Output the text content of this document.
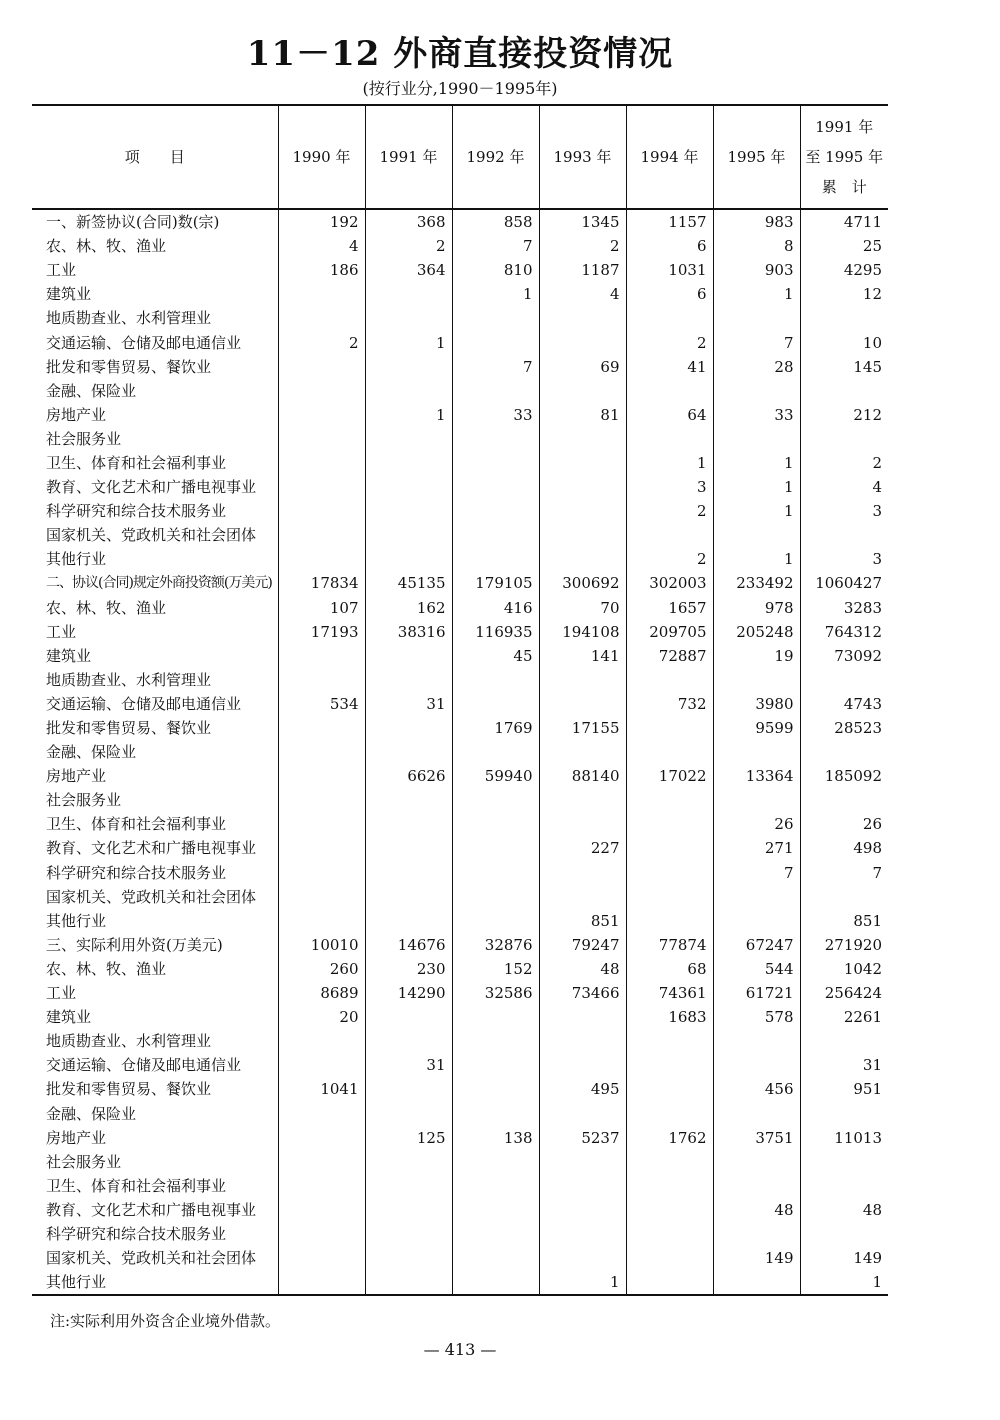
11－12 外商直接投资情况
(按行业分,1990－1995年)
项　　目	1990 年	1991 年	1992 年	1993 年	1994 年	1995 年	1991 年
至 1995 年
累　计

一、新签协议(合同)数(宗)	192	368	858	1345	1157	983	4711
农、林、牧、渔业	4	2	7	2	6	8	25
工业	186	364	810	1187	1031	903	4295
建筑业			1	4	6	1	12
地质勘查业、水利管理业							
交通运输、仓储及邮电通信业	2	1			2	7	10
批发和零售贸易、餐饮业			7	69	41	28	145
金融、保险业							
房地产业		1	33	81	64	33	212
社会服务业							
卫生、体育和社会福利事业					1	1	2
教育、文化艺术和广播电视事业					3	1	4
科学研究和综合技术服务业					2	1	3
国家机关、党政机关和社会团体							
其他行业					2	1	3
二、协议(合同)规定外商投资额(万美元)	17834	45135	179105	300692	302003	233492	1060427
农、林、牧、渔业	107	162	416	70	1657	978	3283
工业	17193	38316	116935	194108	209705	205248	764312
建筑业			45	141	72887	19	73092
地质勘查业、水利管理业							
交通运输、仓储及邮电通信业	534	31			732	3980	4743
批发和零售贸易、餐饮业			1769	17155		9599	28523
金融、保险业							
房地产业		6626	59940	88140	17022	13364	185092
社会服务业							
卫生、体育和社会福利事业						26	26
教育、文化艺术和广播电视事业				227		271	498
科学研究和综合技术服务业						7	7
国家机关、党政机关和社会团体							
其他行业				851			851
三、实际利用外资(万美元)	10010	14676	32876	79247	77874	67247	271920
农、林、牧、渔业	260	230	152	48	68	544	1042
工业	8689	14290	32586	73466	74361	61721	256424
建筑业	20				1683	578	2261
地质勘查业、水利管理业							
交通运输、仓储及邮电通信业		31					31
批发和零售贸易、餐饮业	1041			495		456	951
金融、保险业							
房地产业		125	138	5237	1762	3751	11013
社会服务业							
卫生、体育和社会福利事业							
教育、文化艺术和广播电视事业						48	48
科学研究和综合技术服务业							
国家机关、党政机关和社会团体						149	149
其他行业				1			1
注:实际利用外资含企业境外借款。
— 413 —
